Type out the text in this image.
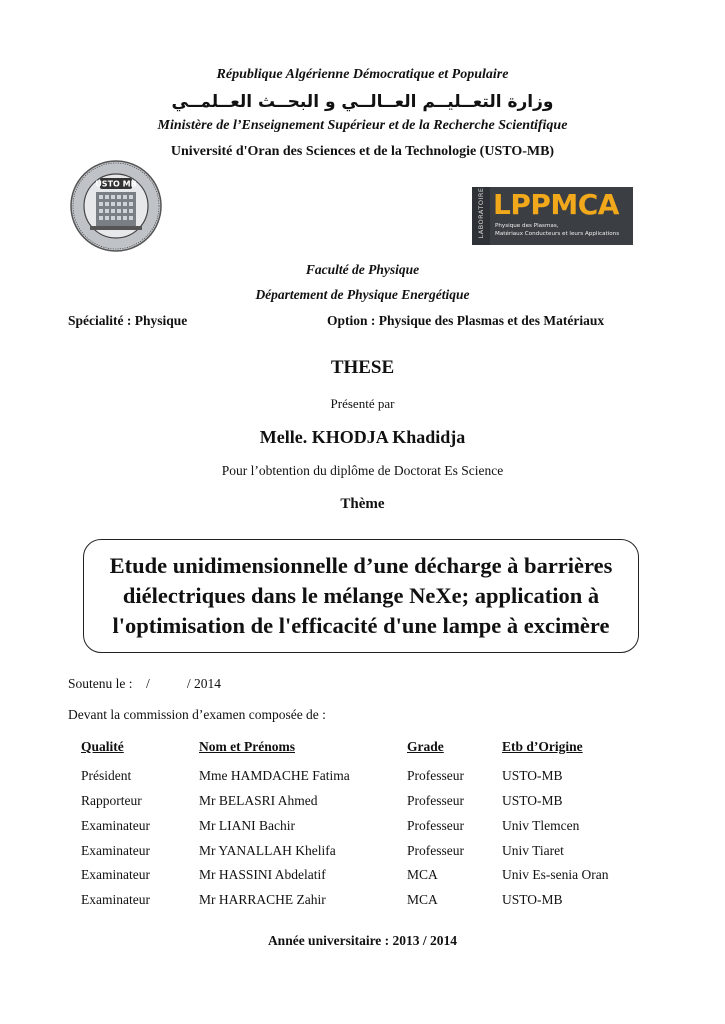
République Algérienne Démocratique et Populaire
وزارة التعــليــم العــالــي و البحــث العــلمــي
Ministère de l’Enseignement Supérieur et de la Recherche Scientifique
Université d'Oran des Sciences et de la Technologie (USTO-MB)
USTO MB
LABORATOIRE LPPMCA
Physique des Plasmas,
Matériaux Conducteurs et leurs Applications
Faculté de Physique
Département de Physique Energétique
Spécialité : Physique	Option : Physique des Plasmas et des Matériaux
THESE
Présenté par
Melle. KHODJA Khadidja
Pour l’obtention du diplôme de Doctorat Es Science
Thème
Etude unidimensionnelle d’une décharge à barrières diélectriques dans le mélange NeXe; application à l'optimisation de l'efficacité d'une lampe à excimère
Soutenu le :    /           / 2014
Devant la commission d’examen composée de :
Qualité	Nom et Prénoms	Grade	Etb d’Origine
Président	Mme HAMDACHE Fatima	Professeur	USTO-MB
Rapporteur	Mr BELASRI Ahmed	Professeur	USTO-MB
Examinateur	Mr LIANI Bachir	Professeur	Univ Tlemcen
Examinateur	Mr YANALLAH Khelifa	Professeur	Univ Tiaret
Examinateur	Mr HASSINI Abdelatif	MCA	Univ Es-senia Oran
Examinateur	Mr HARRACHE Zahir	MCA	USTO-MB
Année universitaire : 2013 / 2014
